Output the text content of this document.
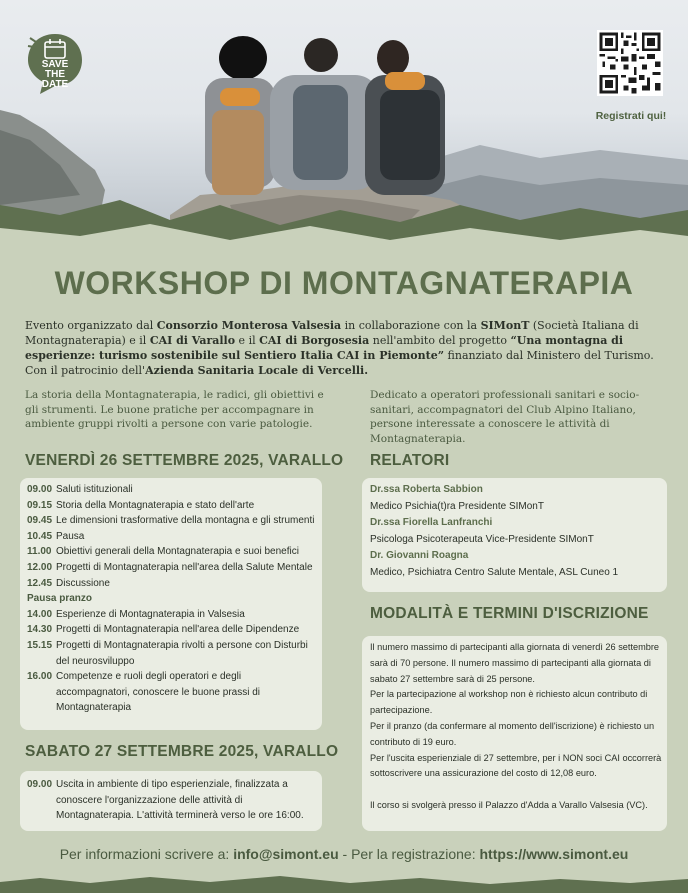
SAVE
THE
DATE
Registrati qui!
WORKSHOP DI MONTAGNATERAPIA
Evento organizzato dal Consorzio Monterosa Valsesia in collaborazione con la SIMonT (Società Italiana di Montagnaterapia) e il CAI di Varallo e il CAI di Borgosesia nell'ambito del progetto “Una montagna di esperienze: turismo sostenibile sul Sentiero Italia CAI in Piemonte” finanziato dal Ministero del Turismo.
Con il patrocinio dell'Azienda Sanitaria Locale di Vercelli.
La storia della Montagnaterapia, le radici, gli obiettivi e gli strumenti. Le buone pratiche per accompagnare in ambiente gruppi rivolti a persone con varie patologie.
Dedicato a operatori professionali sanitari e socio-sanitari, accompagnatori del Club Alpino Italiano, persone interessate a conoscere le attività di Montagnaterapia.
VENERDÌ 26 SETTEMBRE 2025, VARALLO
09.00 Saluti istituzionali
09.15 Storia della Montagnaterapia e stato dell'arte
09.45 Le dimensioni trasformative della montagna e gli strumenti
10.45 Pausa
11.00 Obiettivi generali della Montagnaterapia e suoi benefici
12.00 Progetti di Montagnaterapia nell'area della Salute Mentale
12.45 Discussione
Pausa pranzo
14.00 Esperienze di Montagnaterapia in Valsesia
14.30 Progetti di Montagnaterapia nell'area delle Dipendenze
15.15 Progetti di Montagnaterapia rivolti a persone con Disturbi del neurosviluppo
16.00 Competenze e ruoli degli operatori e degli accompagnatori, conoscere le buone prassi di Montagnaterapia
SABATO 27 SETTEMBRE 2025, VARALLO
09.00 Uscita in ambiente di tipo esperienziale, finalizzata a conoscere l'organizzazione delle attività di Montagnaterapia. L'attività terminerà verso le ore 16:00.
RELATORI
Dr.ssa Roberta Sabbion
Medico Psichia(t)ra Presidente SIMonT
Dr.ssa Fiorella Lanfranchi
Psicologa Psicoterapeuta Vice-Presidente SIMonT
Dr. Giovanni Roagna
Medico, Psichiatra Centro Salute Mentale, ASL Cuneo 1
MODALITÀ E TERMINI D'ISCRIZIONE
Il numero massimo di partecipanti alla giornata di venerdì 26 settembre
sarà di 70 persone. Il numero massimo di partecipanti alla giornata di
sabato 27 settembre sarà di 25 persone.
Per la partecipazione al workshop non è richiesto alcun contributo di
partecipazione.
Per il pranzo (da confermare al momento dell'iscrizione) è richiesto un
contributo di 19 euro.
Per l'uscita esperienziale di 27 settembre, per i NON soci CAI occorrerà
sottoscrivere una assicurazione del costo di 12,08 euro.
Il corso si svolgerà presso il Palazzo d'Adda a Varallo Valsesia (VC).
Per informazioni scrivere a: info@simont.eu - Per la registrazione: https://www.simont.eu
